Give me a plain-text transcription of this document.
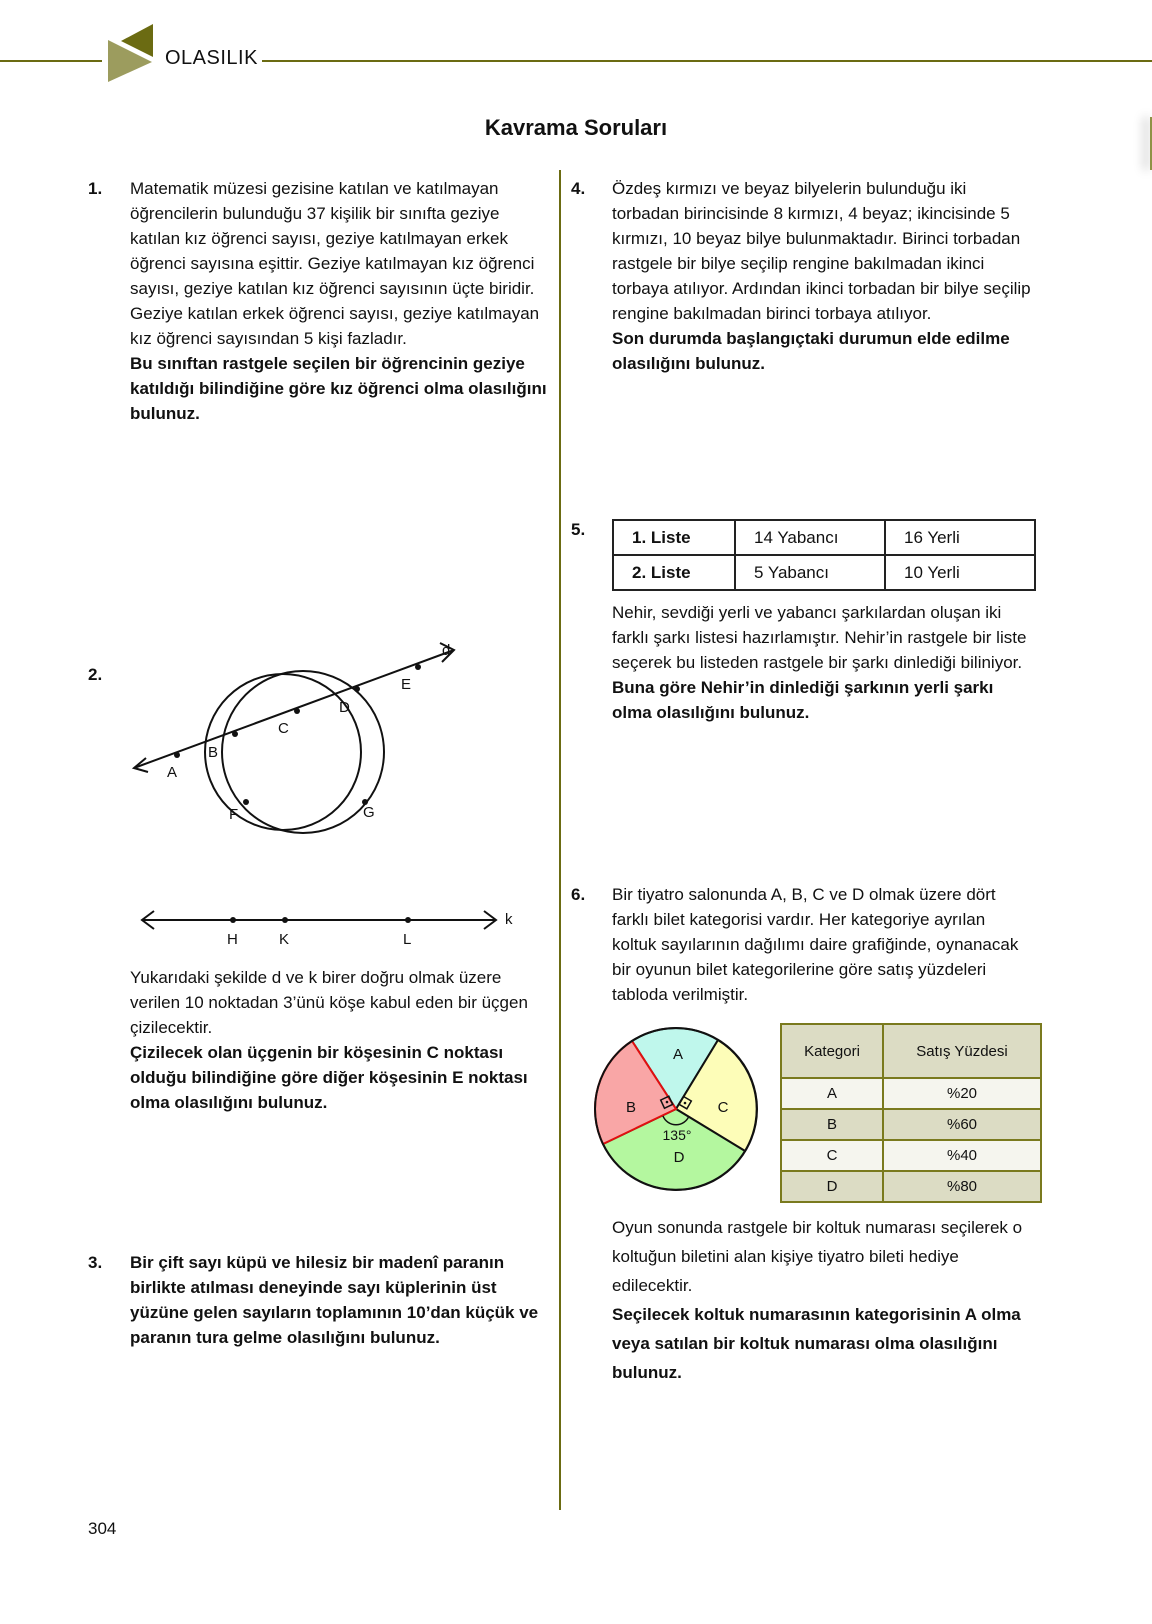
OLASILIK
Kavrama Soruları
1. Matematik müzesi gezisine katılan ve katılmayan öğrencilerin bulunduğu 37 kişilik bir sınıfta geziye katılan kız öğrenci sayısı, geziye katılmayan erkek öğrenci sayısına eşittir. Geziye katılmayan kız öğrenci sayısı, geziye katılan kız öğrenci sayısının üçte biridir. Geziye katılan erkek öğrenci sayısı, geziye katılmayan kız öğrenci sayısından 5 kişi fazladır.

Bu sınıftan rastgele seçilen bir öğrencinin geziye katıldığı bilindiğine göre kız öğrenci olma olasılığını bulunuz.
2.
d
A
B
C
D
E
F	G
k
H	K	L

Yukarıdaki şekilde d ve k birer doğru olmak üzere verilen 10 noktadan 3’ünü köşe kabul eden bir üçgen çizilecektir.

Çizilecek olan üçgenin bir köşesinin C noktası olduğu bilindiğine göre diğer köşesinin E noktası olma olasılığını bulunuz.
3. Bir çift sayı küpü ve hilesiz bir madenî paranın birlikte atılması deneyinde sayı küplerinin üst yüzüne gelen sayıların toplamının 10’dan küçük ve paranın tura gelme olasılığını bulunuz.
4. Özdeş kırmızı ve beyaz bilyelerin bulunduğu iki torbadan birincisinde 8 kırmızı, 4 beyaz; ikincisinde 5 kırmızı, 10 beyaz bilye bulunmaktadır. Birinci torbadan rastgele bir bilye seçilip rengine bakılmadan ikinci torbaya atılıyor. Ardından ikinci torbadan bir bilye seçilip rengine bakılmadan birinci torbaya atılıyor.

Son durumda başlangıçtaki durumun elde edilme olasılığını bulunuz.
5.	1. Liste	14 Yabancı	16 Yerli
2. Liste	5 Yabancı	10 Yerli

Nehir, sevdiği yerli ve yabancı şarkılardan oluşan iki farklı şarkı listesi hazırlamıştır. Nehir’in rastgele bir liste seçerek bu listeden rastgele bir şarkı dinlediği biliniyor.

Buna göre Nehir’in dinlediği şarkının yerli şarkı olma olasılığını bulunuz.
6. Bir tiyatro salonunda A, B, C ve D olmak üzere dört farklı bilet kategorisi vardır. Her kategoriye ayrılan koltuk sayılarının dağılımı daire grafiğinde, oynanacak bir oyunun bilet kategorilerine göre satış yüzdeleri tabloda verilmiştir.

A
C
D
B
135°
Kategori	Satış Yüzdesi
A	%20
B	%60
C	%40
D	%80

Oyun sonunda rastgele bir koltuk numarası seçilerek o koltuğun biletini alan kişiye tiyatro bileti hediye edilecektir.

Seçilecek koltuk numarasının kategorisinin A olma veya satılan bir koltuk numarası olma olasılığını bulunuz.
304
